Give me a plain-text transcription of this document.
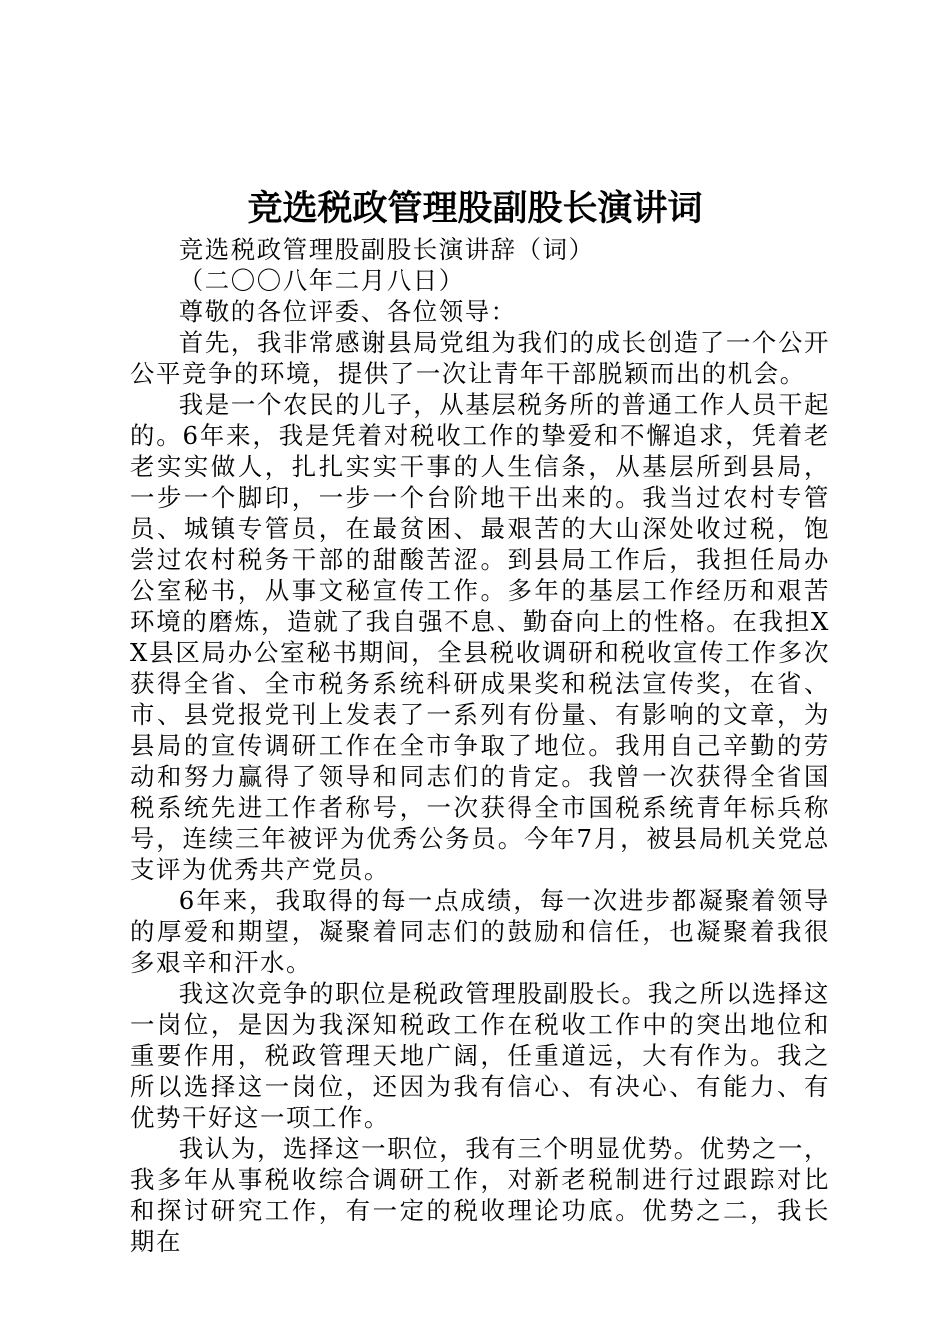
竞选税政管理股副股长演讲词

竞选税政管理股副股长演讲辞（词）

（二〇〇八年二月八日）

尊敬的各位评委、各位领导：

首先，我非常感谢县局党组为我们的成长创造了一个公开公平竞争的环境，提供了一次让青年干部脱颖而出的机会。

我是一个农民的儿子，从基层税务所的普通工作人员干起的。6年来，我是凭着对税收工作的挚爱和不懈追求，凭着老老实实做人，扎扎实实干事的人生信条，从基层所到县局，一步一个脚印，一步一个台阶地干出来的。我当过农村专管员、城镇专管员，在最贫困、最艰苦的大山深处收过税，饱尝过农村税务干部的甜酸苦涩。到县局工作后，我担任局办公室秘书，从事文秘宣传工作。多年的基层工作经历和艰苦环境的磨炼，造就了我自强不息、勤奋向上的性格。在我担XX县区局办公室秘书期间，全县税收调研和税收宣传工作多次获得全省、全市税务系统科研成果奖和税法宣传奖，在省、市、县党报党刊上发表了一系列有份量、有影响的文章，为县局的宣传调研工作在全市争取了地位。我用自己辛勤的劳动和努力赢得了领导和同志们的肯定。我曾一次获得全省国税系统先进工作者称号，一次获得全市国税系统青年标兵称号，连续三年被评为优秀公务员。今年7月，被县局机关党总支评为优秀共产党员。

6年来，我取得的每一点成绩，每一次进步都凝聚着领导的厚爱和期望，凝聚着同志们的鼓励和信任，也凝聚着我很多艰辛和汗水。

我这次竞争的职位是税政管理股副股长。我之所以选择这一岗位，是因为我深知税政工作在税收工作中的突出地位和重要作用，税政管理天地广阔，任重道远，大有作为。我之所以选择这一岗位，还因为我有信心、有决心、有能力、有优势干好这一项工作。

我认为，选择这一职位，我有三个明显优势。优势之一，我多年从事税收综合调研工作，对新老税制进行过跟踪对比和探讨研究工作，有一定的税收理论功底。优势之二，我长期在
